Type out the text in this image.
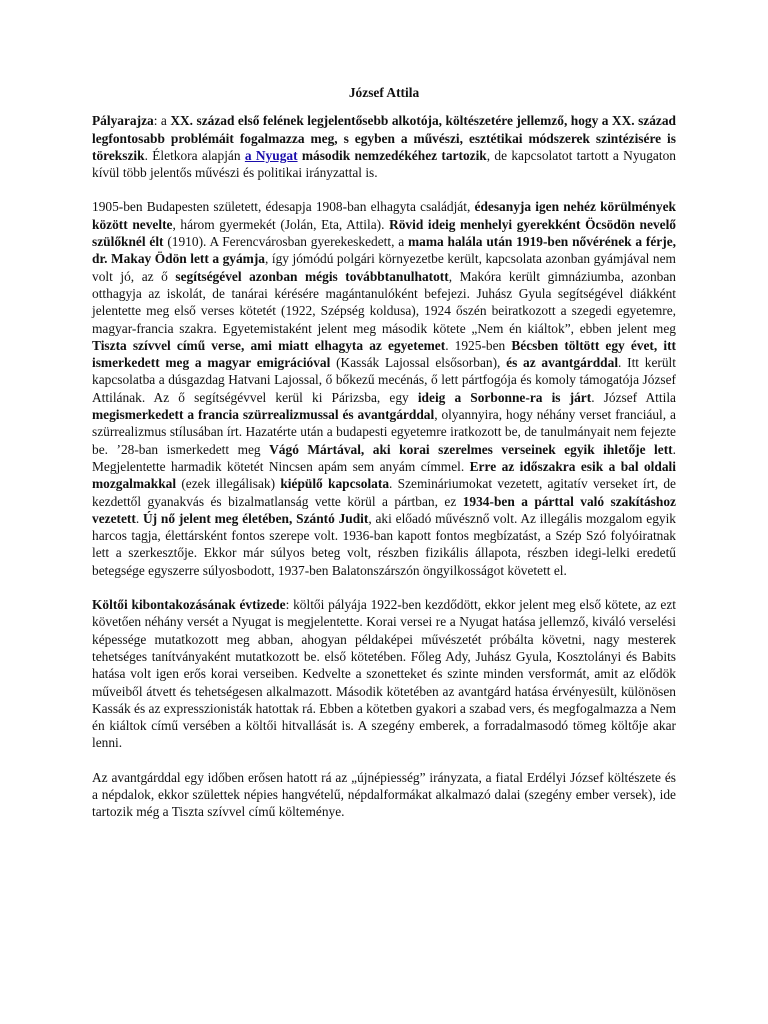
József Attila

Pályarajza: a XX. század első felének legjelentősebb alkotója, költészetére jellemző, hogy a XX. század legfontosabb problémáit fogalmazza meg, s egyben a művészi, esztétikai módszerek szintézisére is törekszik. Életkora alapján a Nyugat második nemzedékéhez tartozik, de kapcsolatot tartott a Nyugaton kívül több jelentős művészi és politikai irányzattal is.

1905-ben Budapesten született, édesapja 1908-ban elhagyta családját, édesanyja igen nehéz körülmények között nevelte, három gyermekét (Jolán, Eta, Attila). Rövid ideig menhelyi gyerekként Öcsödön nevelő szülőknél élt (1910). A Ferencvárosban gyerekeskedett, a mama halála után 1919-ben nővérének a férje, dr. Makay Ödön lett a gyámja, így jómódú polgári környezetbe került, kapcsolata azonban gyámjával nem volt jó, az ő segítségével azonban mégis továbbtanulhatott, Makóra került gimnáziumba, azonban otthagyja az iskolát, de tanárai kérésére magántanulóként befejezi. Juhász Gyula segítségével diákként jelentette meg első verses kötetét (1922, Szépség koldusa), 1924 őszén beiratkozott a szegedi egyetemre, magyar-francia szakra. Egyetemistaként jelent meg második kötete „Nem én kiáltok”, ebben jelent meg Tiszta szívvel című verse, ami miatt elhagyta az egyetemet. 1925-ben Bécsben töltött egy évet, itt ismerkedett meg a magyar emigrációval (Kassák Lajossal elsősorban), és az avantgárddal. Itt került kapcsolatba a dúsgazdag Hatvani Lajossal, ő bőkezű mecénás, ő lett pártfogója és komoly támogatója József Attilának. Az ő segítségévvel kerül ki Párizsba, egy ideig a Sorbonne-ra is járt. József Attila megismerkedett a francia szürrealizmussal és avantgárddal, olyannyira, hogy néhány verset franciául, a szürrealizmus stílusában írt. Hazatérte után a budapesti egyetemre iratkozott be, de tanulmányait nem fejezte be. ’28-ban ismerkedett meg Vágó Mártával, aki korai szerelmes verseinek egyik ihletője lett. Megjelentette harmadik kötetét Nincsen apám sem anyám címmel. Erre az időszakra esik a bal oldali mozgalmakkal (ezek illegálisak) kiépülő kapcsolata. Szemináriumokat vezetett, agitatív verseket írt, de kezdettől gyanakvás és bizalmatlanság vette körül a pártban, ez 1934-ben a párttal való szakításhoz vezetett. Új nő jelent meg életében, Szántó Judit, aki előadó művésznő volt. Az illegális mozgalom egyik harcos tagja, élettársként fontos szerepe volt. 1936-ban kapott fontos megbízatást, a Szép Szó folyóiratnak lett a szerkesztője. Ekkor már súlyos beteg volt, részben fizikális állapota, részben idegi-lelki eredetű betegsége egyszerre súlyosbodott, 1937-ben Balatonszárszón öngyilkosságot követett el.

Költői kibontakozásának évtizede: költői pályája 1922-ben kezdődött, ekkor jelent meg első kötete, az ezt követően néhány versét a Nyugat is megjelentette. Korai versei re a Nyugat hatása jellemző, kiváló verselési képessége mutatkozott meg abban, ahogyan példaképei művészetét próbálta követni, nagy mesterek tehetséges tanítványaként mutatkozott be. első kötetében. Főleg Ady, Juhász Gyula, Kosztolányi és Babits hatása volt igen erős korai verseiben. Kedvelte a szonetteket és szinte minden versformát, amit az elődök műveiből átvett és tehetségesen alkalmazott. Második kötetében az avantgárd hatása érvényesült, különösen Kassák és az expresszionisták hatottak rá. Ebben a kötetben gyakori a szabad vers, és megfogalmazza a Nem én kiáltok című versében a költői hitvallását is. A szegény emberek, a forradalmasodó tömeg költője akar lenni.

Az avantgárddal egy időben erősen hatott rá az „újnépiesség” irányzata, a fiatal Erdélyi József költészete és a népdalok, ekkor születtek népies hangvételű, népdalformákat alkalmazó dalai (szegény ember versek), ide tartozik még a Tiszta szívvel című költeménye.
